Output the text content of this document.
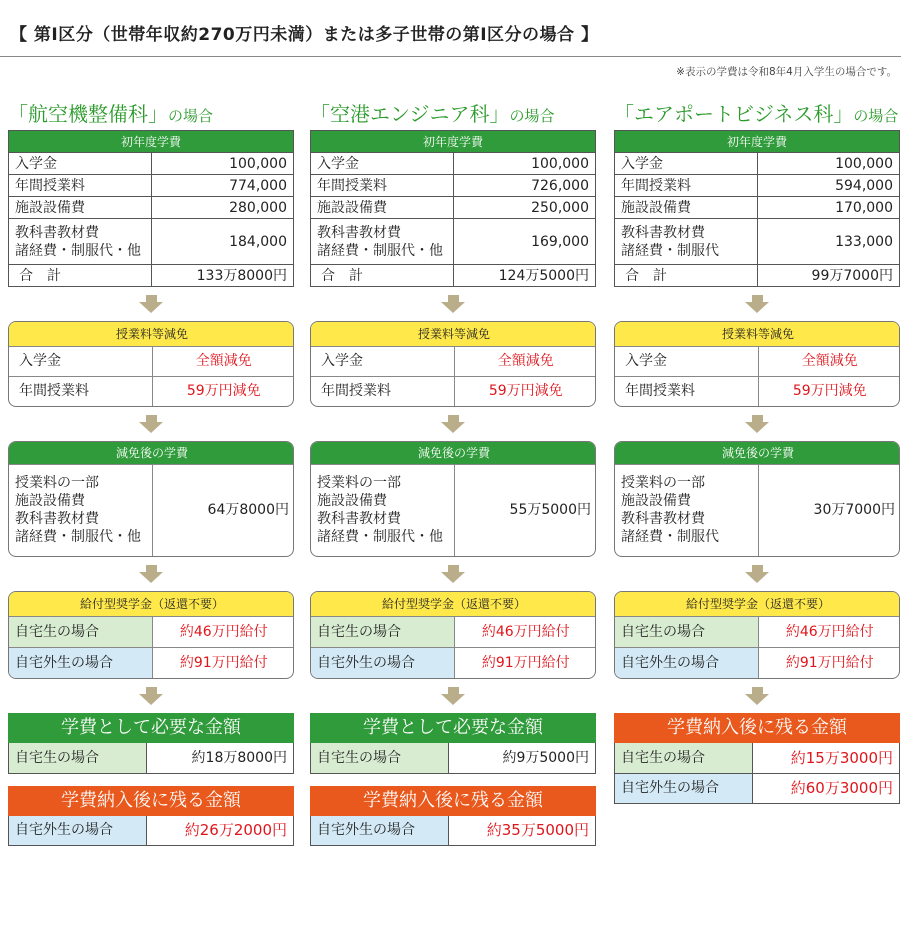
【 第Ⅰ区分（世帯年収約270万円未満）または多子世帯の第Ⅰ区分の場合 】
※表示の学費は令和8年4月入学生の場合です。
「航空機整備科」の場合
初年度学費	
入学金	100,000
年間授業料	774,000
施設設備費	280,000
教科書教材費
諸経費・制服代・他	184,000
合　計	133万8000円
授業料等減免	
入学金	全額減免
年間授業料	59万円減免
減免後の学費
授業料の一部
施設設備費
教科書教材費
諸経費・制服代・他	64万8000円
給付型奨学金（返還不要）	
自宅生の場合	約46万円給付
自宅外生の場合	約91万円給付
学費として必要な金額
自宅生の場合	約18万8000円
学費納入後に残る金額
自宅外生の場合	約26万2000円
「空港エンジニア科」の場合
初年度学費	
入学金	100,000
年間授業料	726,000
施設設備費	250,000
教科書教材費
諸経費・制服代・他	169,000
合　計	124万5000円
授業料等減免	
入学金	全額減免
年間授業料	59万円減免
減免後の学費
授業料の一部
施設設備費
教科書教材費
諸経費・制服代・他	55万5000円
給付型奨学金（返還不要）	
自宅生の場合	約46万円給付
自宅外生の場合	約91万円給付
学費として必要な金額
自宅生の場合	約9万5000円
学費納入後に残る金額
自宅外生の場合	約35万5000円
「エアポートビジネス科」の場合
初年度学費	
入学金	100,000
年間授業料	594,000
施設設備費	170,000
教科書教材費
諸経費・制服代	133,000
合　計	99万7000円
授業料等減免	
入学金	全額減免
年間授業料	59万円減免
減免後の学費
授業料の一部
施設設備費
教科書教材費
諸経費・制服代	30万7000円
給付型奨学金（返還不要）	
自宅生の場合	約46万円給付
自宅外生の場合	約91万円給付
学費納入後に残る金額
自宅生の場合	約15万3000円
自宅外生の場合	約60万3000円
